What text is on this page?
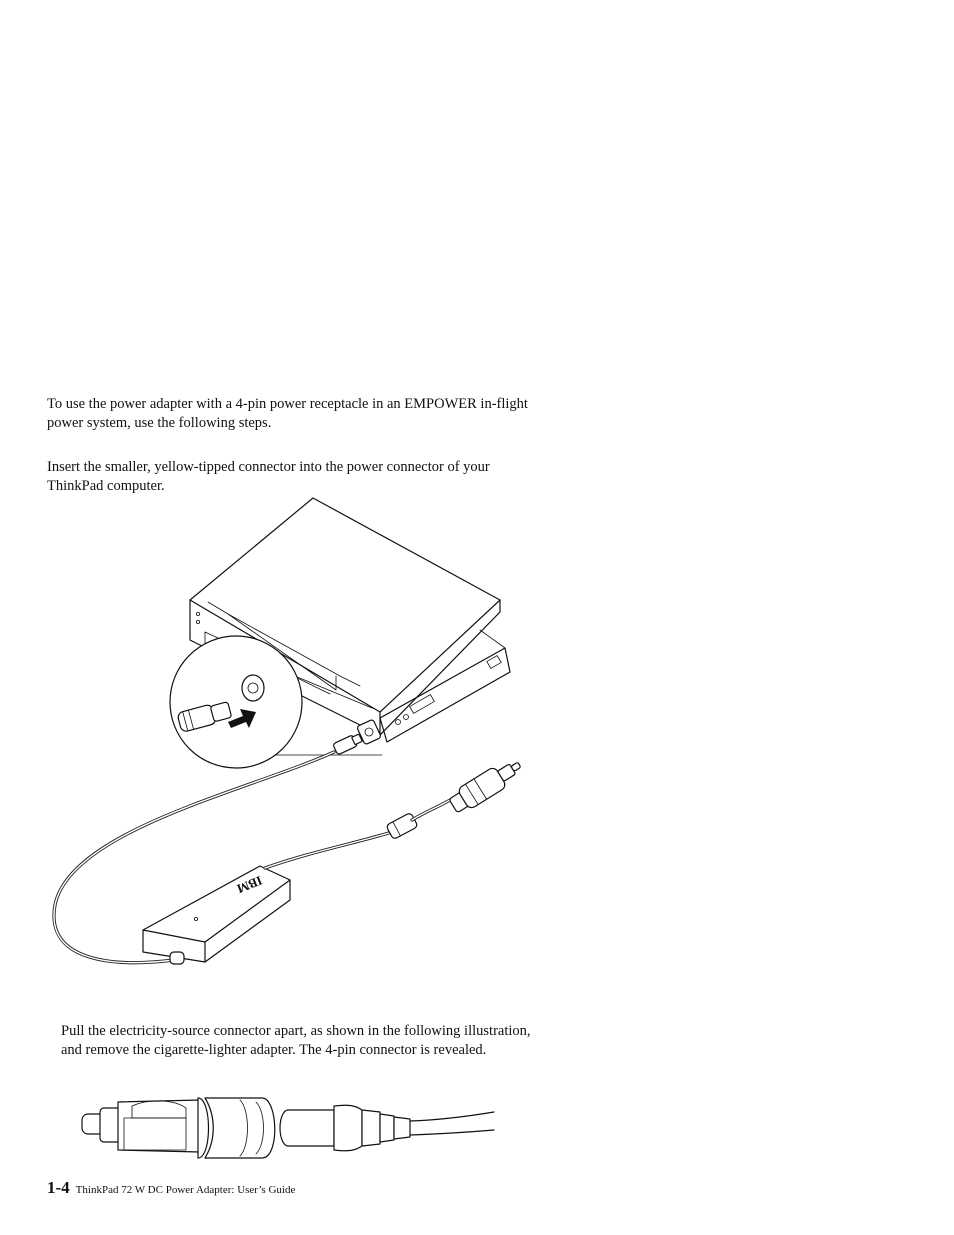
To use the power adapter with a 4-pin power receptacle in an EMPOWER in-flight power system, use the following steps.

Insert the smaller, yellow-tipped connector into the power connector of your ThinkPad computer.

IBM

Pull the electricity-source connector apart, as shown in the following illustration, and remove the cigarette-lighter adapter. The 4-pin connector is revealed.

1-4 ThinkPad 72 W DC Power Adapter: User’s Guide
